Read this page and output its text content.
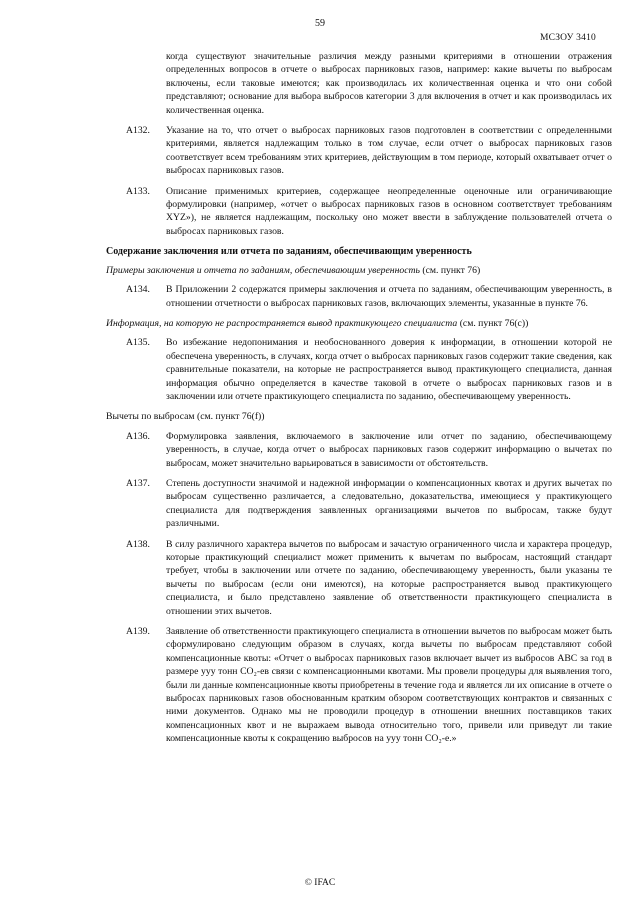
59
МСЗОУ 3410
когда существуют значительные различия между разными критериями в отношении отражения определенных вопросов в отчете о выбросах парниковых газов, например: какие вычеты по выбросам включены, если таковые имеются; как производилась их количественная оценка и что они собой представляют; основание для выбора выбросов категории 3 для включения в отчет и как производилась их количественная оценка.
A132. Указание на то, что отчет о выбросах парниковых газов подготовлен в соответствии с определенными критериями, является надлежащим только в том случае, если отчет о выбросах парниковых газов соответствует всем требованиям этих критериев, действующим в том периоде, который охватывает отчет о выбросах парниковых газов.
A133. Описание применимых критериев, содержащее неопределенные оценочные или ограничивающие формулировки (например, «отчет о выбросах парниковых газов в основном соответствует требованиям XYZ»), не является надлежащим, поскольку оно может ввести в заблуждение пользователей отчета о выбросах парниковых газов.
Содержание заключения или отчета по заданиям, обеспечивающим уверенность
Примеры заключения и отчета по заданиям, обеспечивающим уверенность (см. пункт 76)
A134. В Приложении 2 содержатся примеры заключения и отчета по заданиям, обеспечивающим уверенность, в отношении отчетности о выбросах парниковых газов, включающих элементы, указанные в пункте 76.
Информация, на которую не распространяется вывод практикующего специалиста (см. пункт 76(с))
A135. Во избежание недопонимания и необоснованного доверия к информации, в отношении которой не обеспечена уверенность, в случаях, когда отчет о выбросах парниковых газов содержит такие сведения, как сравнительные показатели, на которые не распространяется вывод практикующего специалиста, данная информация обычно определяется в качестве таковой в отчете о выбросах парниковых газов и в заключении или отчете практикующего специалиста по заданию, обеспечивающему уверенность.
Вычеты по выбросам (см. пункт 76(f))
A136. Формулировка заявления, включаемого в заключение или отчет по заданию, обеспечивающему уверенность, в случае, когда отчет о выбросах парниковых газов содержит информацию о вычетах по выбросам, может значительно варьироваться в зависимости от обстоятельств.
A137. Степень доступности значимой и надежной информации о компенсационных квотах и других вычетах по выбросам существенно различается, а следовательно, доказательства, имеющиеся у практикующего специалиста для подтверждения заявленных организациями вычетов по выбросам, также будут различными.
A138. В силу различного характера вычетов по выбросам и зачастую ограниченного числа и характера процедур, которые практикующий специалист может применить к вычетам по выбросам, настоящий стандарт требует, чтобы в заключении или отчете по заданию, обеспечивающему уверенность, были указаны те вычеты по выбросам (если они имеются), на которые распространяется вывод практикующего специалиста, и было представлено заявление об ответственности практикующего специалиста в отношении этих вычетов.
A139. Заявление об ответственности практикующего специалиста в отношении вычетов по выбросам может быть сформулировано следующим образом в случаях, когда вычеты по выбросам представляют собой компенсационные квоты: «Отчет о выбросах парниковых газов включает вычет из выбросов ABC за год в размере ууу тонн CO₂-ев связи с компенсационными квотами. Мы провели процедуры для выявления того, были ли данные компенсационные квоты приобретены в течение года и является ли их описание в отчете о выбросах парниковых газов обоснованным кратким обзором соответствующих контрактов и связанных с ними документов. Однако мы не проводили процедур в отношении внешних поставщиков таких компенсационных квот и не выражаем вывода относительно того, привели или приведут ли такие компенсационные квоты к сокращению выбросов на ууу тонн CO₂-е.»
© IFAC
